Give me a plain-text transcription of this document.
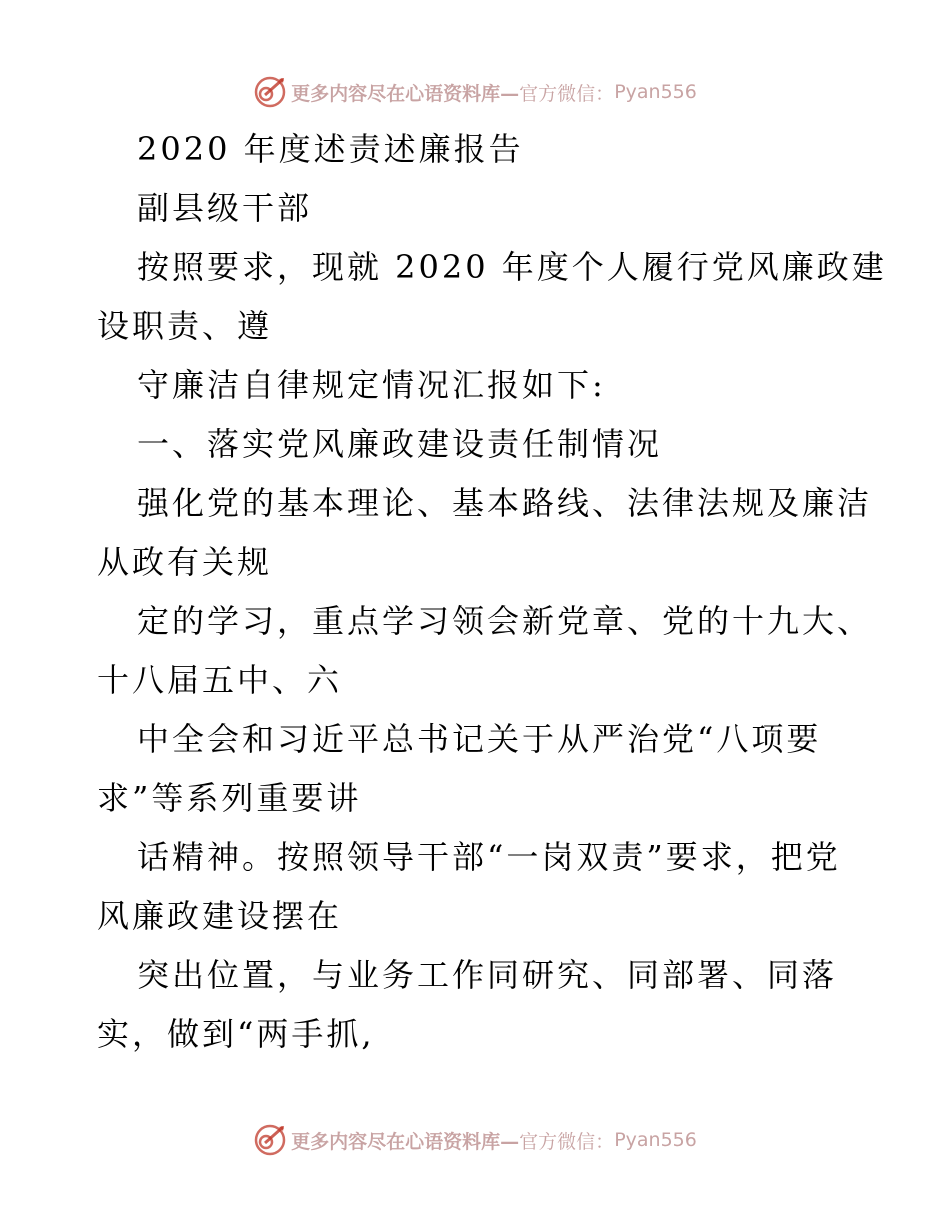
更多内容尽在心语资料库— 官方微信： Pyan556
2020 年度述责述廉报告
副县级干部
按照要求，现就 2020 年度个人履行党风廉政建
设职责、遵
守廉洁自律规定情况汇报如下:
一、落实党风廉政建设责任制情况
强化党的基本理论、基本路线、法律法规及廉洁
从政有关规
定的学习，重点学习领会新党章、党的十九大、
十八届五中、六
中全会和习近平总书记关于从严治党“八项要
求”等系列重要讲
话精神。按照领导干部“一岗双责”要求，把党
风廉政建设摆在
突出位置，与业务工作同研究、同部署、同落
实，做到“两手抓,
更多内容尽在心语资料库— 官方微信： Pyan556
